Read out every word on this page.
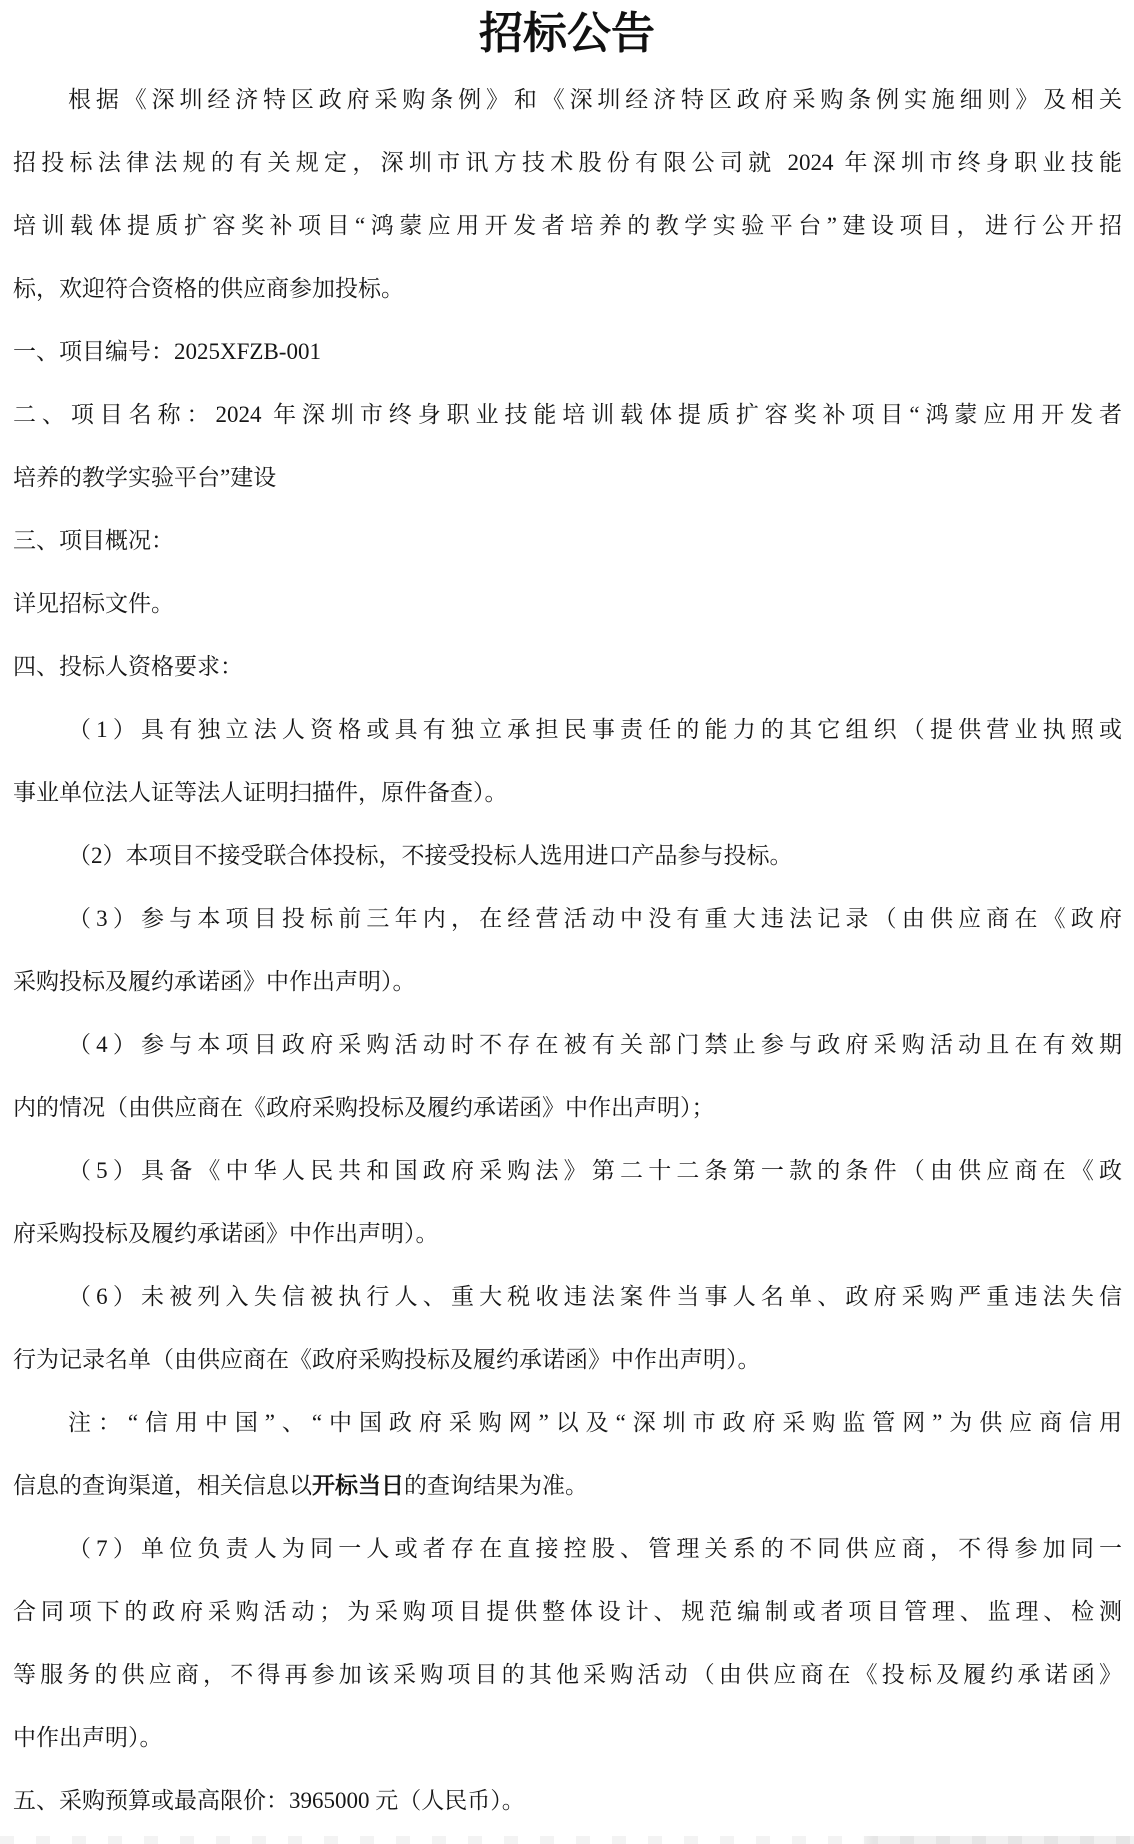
招标公告
根据《深圳经济特区政府采购条例》和《深圳经济特区政府采购条例实施细则》及相关
招投标法律法规的有关规定，深圳市讯方技术股份有限公司就 2024 年深圳市终身职业技能
培训载体提质扩容奖补项目“鸿蒙应用开发者培养的教学实验平台”建设项目，进行公开招
标，欢迎符合资格的供应商参加投标。
一、项目编号：2025XFZB-001
二、项目名称：2024 年深圳市终身职业技能培训载体提质扩容奖补项目“鸿蒙应用开发者
培养的教学实验平台”建设
三、项目概况：
详见招标文件。
四、投标人资格要求：
（1）具有独立法人资格或具有独立承担民事责任的能力的其它组织（提供营业执照或
事业单位法人证等法人证明扫描件，原件备查）。
（2）本项目不接受联合体投标，不接受投标人选用进口产品参与投标。
（3）参与本项目投标前三年内，在经营活动中没有重大违法记录（由供应商在《政府
采购投标及履约承诺函》中作出声明）。
（4）参与本项目政府采购活动时不存在被有关部门禁止参与政府采购活动且在有效期
内的情况（由供应商在《政府采购投标及履约承诺函》中作出声明）；
（5）具备《中华人民共和国政府采购法》第二十二条第一款的条件（由供应商在《政
府采购投标及履约承诺函》中作出声明）。
（6）未被列入失信被执行人、重大税收违法案件当事人名单、政府采购严重违法失信
行为记录名单（由供应商在《政府采购投标及履约承诺函》中作出声明）。
注：“信用中国”、“中国政府采购网”以及“深圳市政府采购监管网”为供应商信用
信息的查询渠道，相关信息以开标当日的查询结果为准。
（7）单位负责人为同一人或者存在直接控股、管理关系的不同供应商，不得参加同一
合同项下的政府采购活动；为采购项目提供整体设计、规范编制或者项目管理、监理、检测
等服务的供应商，不得再参加该采购项目的其他采购活动（由供应商在《投标及履约承诺函》
中作出声明）。
五、采购预算或最高限价：3965000 元（人民币）。
